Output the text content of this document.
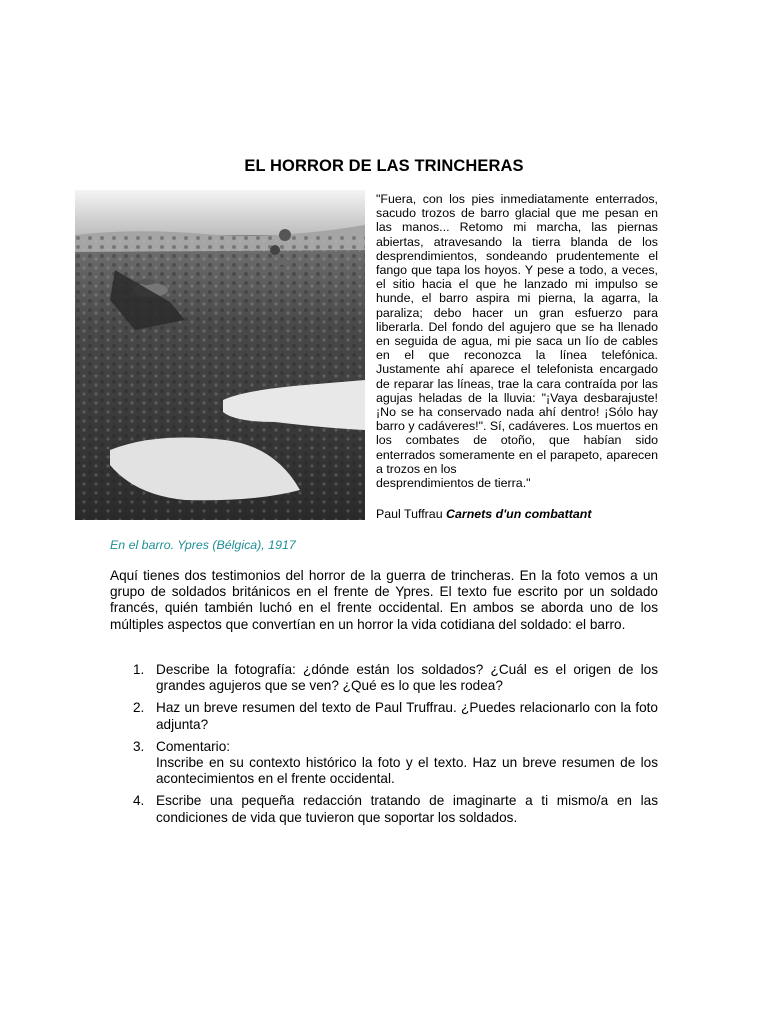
EL HORROR DE LAS TRINCHERAS
"Fuera, con los pies inmediatamente enterrados, sacudo trozos de barro glacial que me pesan en las manos... Retomo mi marcha, las piernas abiertas, atravesando la tierra blanda de los desprendimientos, sondeando prudentemente el fango que tapa los hoyos. Y pese a todo, a veces, el sitio hacia el que he lanzado mi impulso se hunde, el barro aspira mi pierna, la agarra, la paraliza; debo hacer un gran esfuerzo para liberarla. Del fondo del agujero que se ha llenado en seguida de agua, mi pie saca un lío de cables en el que reconozca la línea telefónica. Justamente ahí aparece el telefonista encargado de reparar las líneas, trae la cara contraída por las agujas heladas de la lluvia: "¡Vaya desbarajuste! ¡No se ha conservado nada ahí dentro! ¡Sólo hay barro y cadáveres!". Sí, cadáveres. Los muertos en los combates de otoño, que habían sido enterrados someramente en el parapeto, aparecen a trozos en los
desprendimientos de tierra."
Paul Tuffrau Carnets d'un combattant
En el barro. Ypres (Bélgica), 1917
Aquí tienes dos testimonios del horror de la guerra de trincheras. En la foto vemos a un grupo de soldados británicos en el frente de Ypres. El texto fue escrito por un soldado francés, quién también luchó en el frente occidental. En ambos se aborda uno de los múltiples aspectos que convertían en un horror la vida cotidiana del soldado: el barro.
1. Describe la fotografía: ¿dónde están los soldados? ¿Cuál es el origen de los grandes agujeros que se ven? ¿Qué es lo que les rodea?
2. Haz un breve resumen del texto de Paul Truffrau. ¿Puedes relacionarlo con la foto adjunta?
3. Comentario:
Inscribe en su contexto histórico la foto y el texto. Haz un breve resumen de los acontecimientos en el frente occidental.
4. Escribe una pequeña redacción tratando de imaginarte a ti mismo/a en las condiciones de vida que tuvieron que soportar los soldados.
